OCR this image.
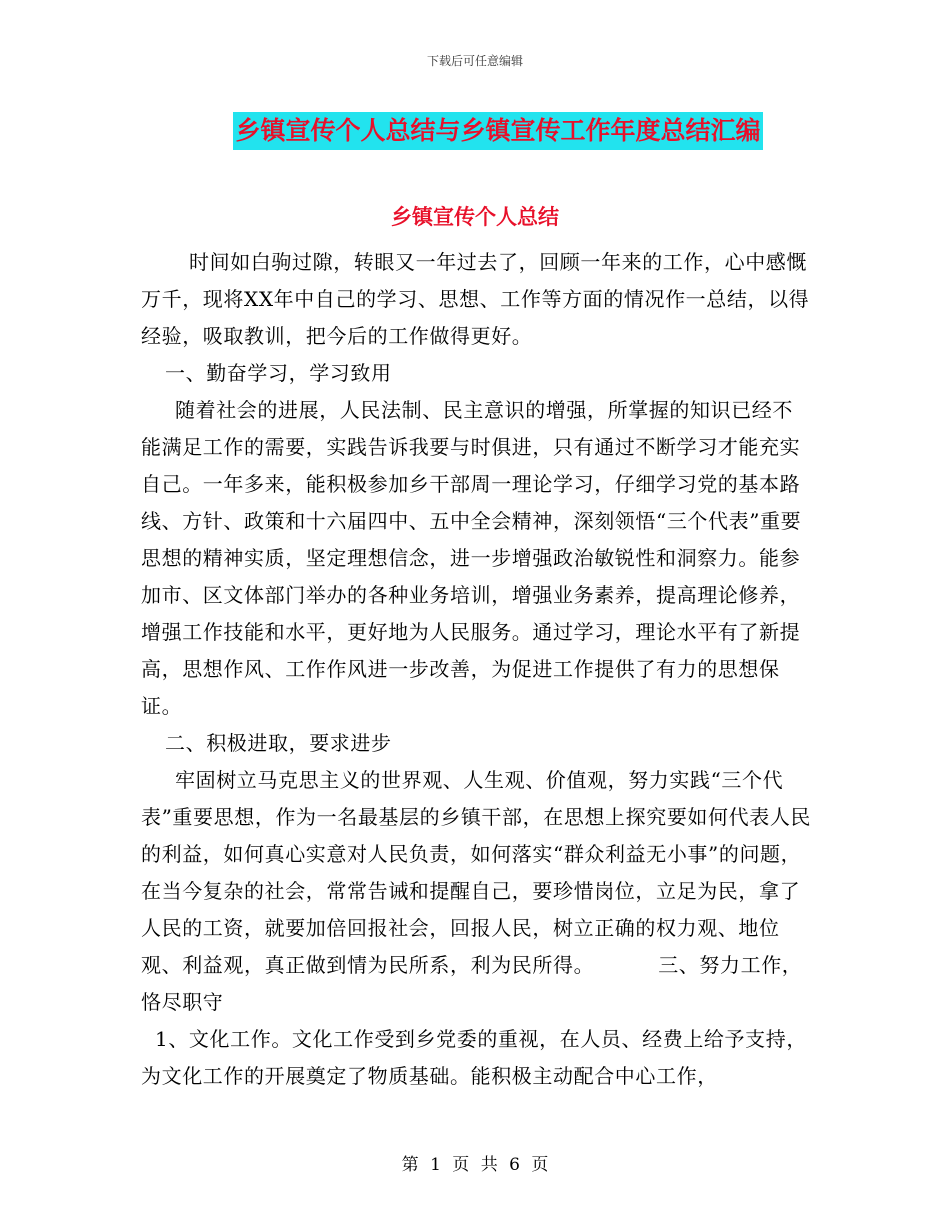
下载后可任意编辑
乡镇宣传个人总结与乡镇宣传工作年度总结汇编
乡镇宣传个人总结

时间如白驹过隙，转眼又一年过去了，回顾一年来的工作，心中感慨万千，现将XX年中自己的学习、思想、工作等方面的情况作一总结，以得经验，吸取教训，把今后的工作做得更好。

一、勤奋学习，学习致用

随着社会的进展，人民法制、民主意识的增强，所掌握的知识已经不能满足工作的需要，实践告诉我要与时俱进，只有通过不断学习才能充实自己。一年多来，能积极参加乡干部周一理论学习，仔细学习党的基本路线、方针、政策和十六届四中、五中全会精神，深刻领悟“三个代表”重要思想的精神实质，坚定理想信念，进一步增强政治敏锐性和洞察力。能参加市、区文体部门举办的各种业务培训，增强业务素养，提高理论修养，增强工作技能和水平，更好地为人民服务。通过学习，理论水平有了新提高，思想作风、工作作风进一步改善，为促进工作提供了有力的思想保证。

二、积极进取，要求进步

牢固树立马克思主义的世界观、人生观、价值观，努力实践“三个代表”重要思想，作为一名最基层的乡镇干部，在思想上探究要如何代表人民的利益，如何真心实意对人民负责，如何落实“群众利益无小事”的问题，在当今复杂的社会，常常告诫和提醒自己，要珍惜岗位，立足为民，拿了人民的工资，就要加倍回报社会，回报人民，树立正确的权力观、地位观、利益观，真正做到情为民所系，利为民所得。	三、努力工作，恪尽职守

1、文化工作。文化工作受到乡党委的重视，在人员、经费上给予支持，为文化工作的开展奠定了物质基础。能积极主动配合中心工作，

第 1 页 共 6 页
